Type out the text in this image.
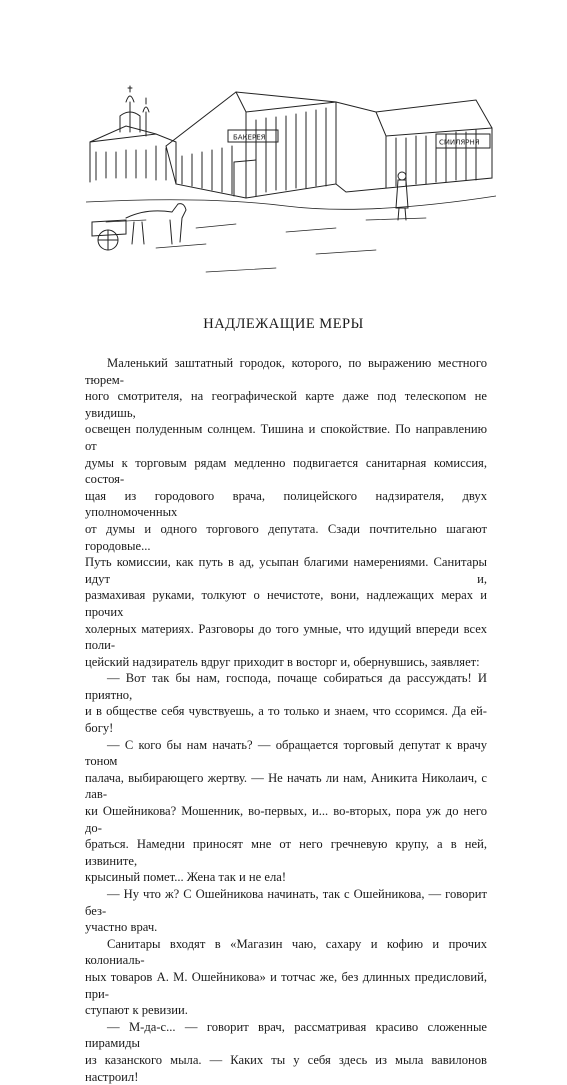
БАКЕРЕЯ
СМИЛЯРНЯ
НАДЛЕЖАЩИЕ МЕРЫ

Маленький заштатный городок, которого, по выражению местного тюрем-

ного смотрителя, на географической карте даже под телескопом не увидишь,

освещен полуденным солнцем. Тишина и спокойствие. По направлению от

думы к торговым рядам медленно подвигается санитарная комиссия, состоя-

щая из городового врача, полицейского надзирателя, двух уполномоченных

от думы и одного торгового депутата. Сзади почтительно шагают городовые...

Путь комиссии, как путь в ад, усыпан благими намерениями. Санитары идут и,

размахивая руками, толкуют о нечистоте, вони, надлежащих мерах и прочих

холерных материях. Разговоры до того умные, что идущий впереди всех поли-

цейский надзиратель вдруг приходит в восторг и, обернувшись, заявляет:

— Вот так бы нам, господа, почаще собираться да рассуждать! И приятно,

и в обществе себя чувствуешь, а то только и знаем, что ссоримся. Да ей-богу!

— С кого бы нам начать? — обращается торговый депутат к врачу тоном

палача, выбирающего жертву. — Не начать ли нам, Аникита Николаич, с лав-

ки Ошейникова? Мошенник, во-первых, и... во-вторых, пора уж до него до-

браться. Намедни приносят мне от него гречневую крупу, а в ней, извините,

крысиный помет... Жена так и не ела!

— Ну что ж? С Ошейникова начинать, так с Ошейникова, — говорит без-

участно врач.

Санитары входят в «Магазин чаю, сахару и кофию и прочих колониаль-

ных товаров А. М. Ошейникова» и тотчас же, без длинных предисловий, при-

ступают к ревизии.

— М-да-с... — говорит врач, рассматривая красиво сложенные пирамиды

из казанского мыла. — Каких ты у себя здесь из мыла вавилонов настроил!
